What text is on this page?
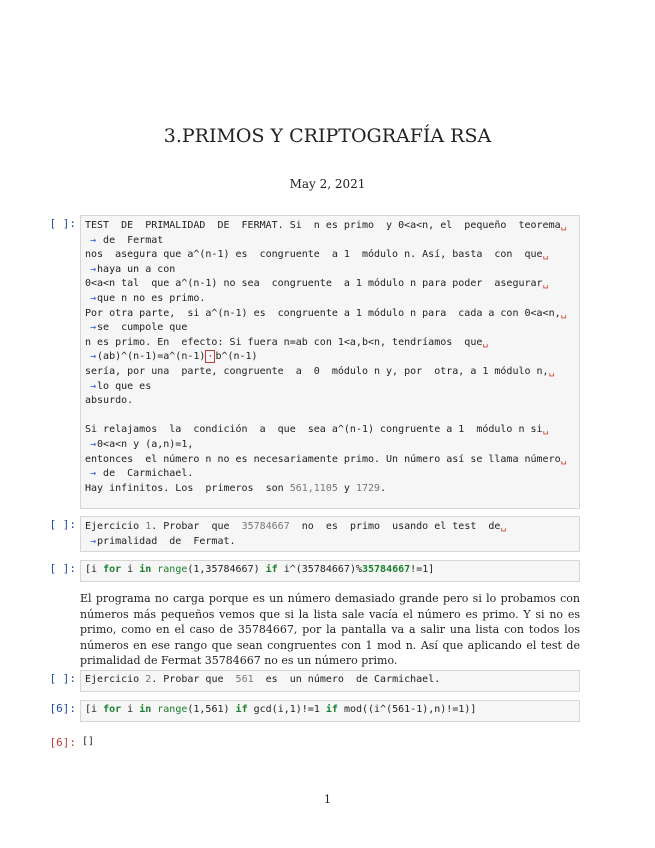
3.PRIMOS Y CRIPTOGRAFÍA RSA
May 2, 2021
[ ]: TEST  DE  PRIMALIDAD  DE  FERMAT. Si  n es primo  y 0<a<n, el  pequeño  teorema␣
→ de  Fermat
nos  asegura que a^(n-1) es  congruente  a 1  módulo n. Así, basta  con  que␣
→haya un a con
0<a<n tal  que a^(n-1) no sea  congruente  a 1 módulo n para poder  asegurar␣
→que n no es primo.
Por otra parte,  si a^(n-1) es  congruente a 1 módulo n para  cada a con 0<a<n,␣
→se  cumpole que
n es primo. En  efecto: Si fuera n=ab con 1<a,b<n, tendríamos  que␣
→(ab)^(n-1)=a^(n-1) · b^(n-1)
sería, por una  parte, congruente  a  0  módulo n y, por  otra, a 1 módulo n,␣
→lo que es
absurdo.
Si relajamos  la  condición  a  que  sea a^(n-1) congruente a 1  módulo n si␣
→0<a<n y (a,n)=1,
entonces  el número n no es necesariamente primo. Un número así se llama número␣
→ de  Carmichael.
Hay infinitos. Los  primeros  son 561,1105 y 1729.
[ ]: Ejercicio 1. Probar  que  35784667  no  es  primo  usando el test  de␣
→primalidad  de  Fermat.
[ ]: [i for i in range(1,35784667) if i^(35784667)%35784667!=1]
El programa no carga porque es un número demasiado grande pero si lo probamos con números más pequeños vemos que si la lista sale vacía el número es primo. Y si no es primo, como en el caso de 35784667, por la pantalla va a salir una lista con todos los números en ese rango que sean congruentes con 1 mod n. Así que aplicando el test de primalidad de Fermat 35784667 no es un número primo.
[ ]: Ejercicio 2. Probar que  561  es  un número  de Carmichael.
[6]: [i for i in range(1,561) if gcd(i,1)!=1 if mod((i^(561-1),n)!=1)]
[6]: []
1
